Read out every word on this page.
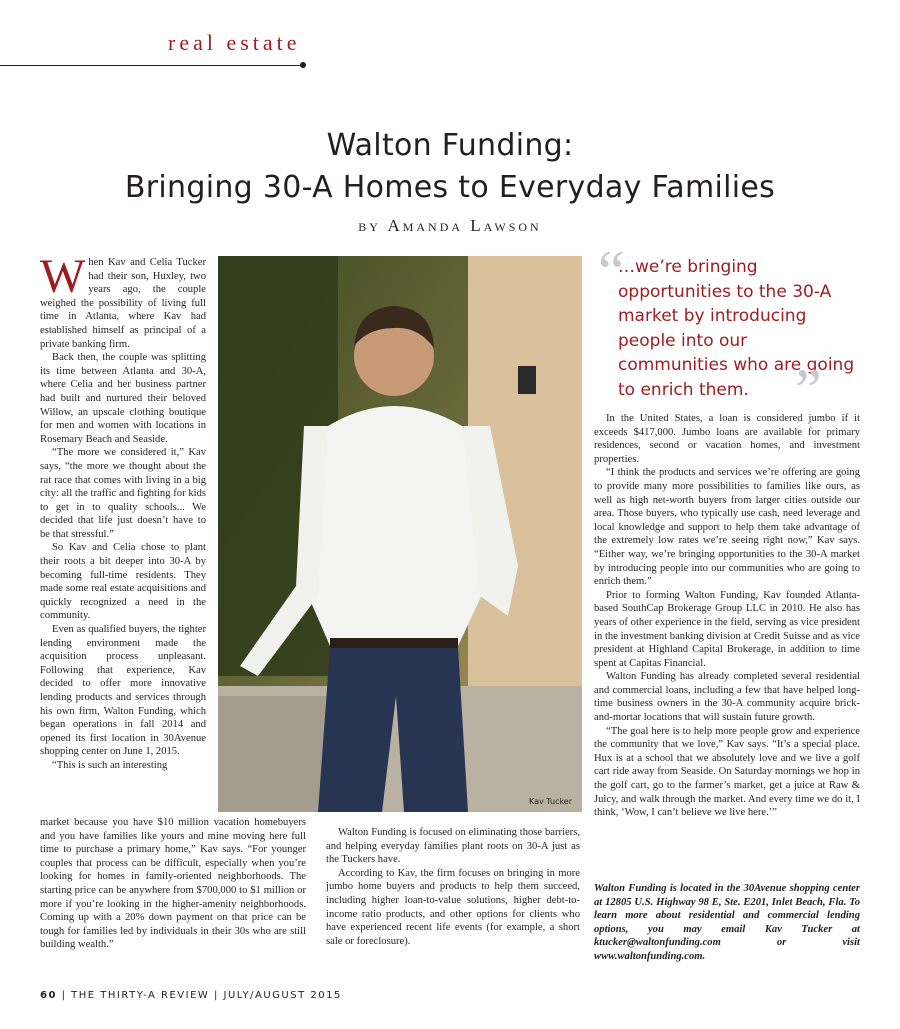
real estate
Walton Funding:
Bringing 30-A Homes to Everyday Families
BY Amanda Lawson

When Kav and Celia Tucker had their son, Huxley, two years ago, the couple weighed the possibility of living full time in Atlanta, where Kav had established himself as principal of a private banking firm.

Back then, the couple was splitting its time between Atlanta and 30-A, where Celia and her business partner had built and nurtured their beloved Willow, an upscale clothing boutique for men and women with locations in Rosemary Beach and Seaside.

“The more we considered it,” Kav says, “the more we thought about the rat race that comes with living in a big city: all the traffic and fighting for kids to get in to quality schools... We decided that life just doesn’t have to be that stressful.”

So Kav and Celia chose to plant their roots a bit deeper into 30-A by becoming full-time residents. They made some real estate acquisitions and quickly recognized a need in the community.

Even as qualified buyers, the tighter lending environment made the acquisition process unpleasant. Following that experience, Kav decided to offer more innovative lending products and services through his own firm, Walton Funding, which began operations in fall 2014 and opened its first location in 30Avenue shopping center on June 1, 2015.

“This is such an interesting

Kav Tucker
“
…we’re bringing opportunities to the 30-A market by introducing people into our communities who are going to enrich them. ”

In the United States, a loan is considered jumbo if it exceeds $417,000. Jumbo loans are available for primary residences, second or vacation homes, and investment properties.

“I think the products and services we’re offering are going to provide many more possibilities to families like ours, as well as high net-worth buyers from larger cities outside our area. Those buyers, who typically use cash, need leverage and local knowledge and support to help them take advantage of the extremely low rates we’re seeing right now,” Kav says. “Either way, we’re bringing opportunities to the 30-A market by introducing people into our communities who are going to enrich them.”

Prior to forming Walton Funding, Kav founded Atlanta-based SouthCap Brokerage Group LLC in 2010. He also has years of other experience in the field, serving as vice president in the investment banking division at Credit Suisse and as vice president at Highland Capital Brokerage, in addition to time spent at Capitas Financial.

Walton Funding has already completed several residential and commercial loans, including a few that have helped long-time business owners in the 30-A community acquire brick-and-mortar locations that will sustain future growth.

“The goal here is to help more people grow and experience the community that we love,” Kav says. “It’s a special place. Hux is at a school that we absolutely love and we live a golf cart ride away from Seaside. On Saturday mornings we hop in the golf cart, go to the farmer’s market, get a juice at Raw & Juicy, and walk through the market. And every time we do it, I think, ‘Wow, I can’t believe we live here.’”

market because you have $10 million vacation homebuyers and you have families like yours and mine moving here full time to purchase a primary home,” Kav says. “For younger couples that process can be difficult, especially when you’re looking for homes in family-oriented neighborhoods. The starting price can be anywhere from $700,000 to $1 million or more if you’re looking in the higher-amenity neighborhoods. Coming up with a 20% down payment on that price can be tough for families led by individuals in their 30s who are still building wealth.”

Walton Funding is focused on eliminating those barriers, and helping everyday families plant roots on 30-A just as the Tuckers have.

According to Kav, the firm focuses on bringing in more jumbo home buyers and products to help them succeed, including higher loan-to-value solutions, higher debt-to-income ratio products, and other options for clients who have experienced recent life events (for example, a short sale or foreclosure).

Walton Funding is located in the 30Avenue shopping center at 12805 U.S. Highway 98 E, Ste. E201, Inlet Beach, Fla. To learn more about residential and commercial lending options, you may email Kav Tucker at ktucker@waltonfunding.com or visit www.waltonfunding.com.
60 | THE THIRTY-A REVIEW | JULY/AUGUST 2015
